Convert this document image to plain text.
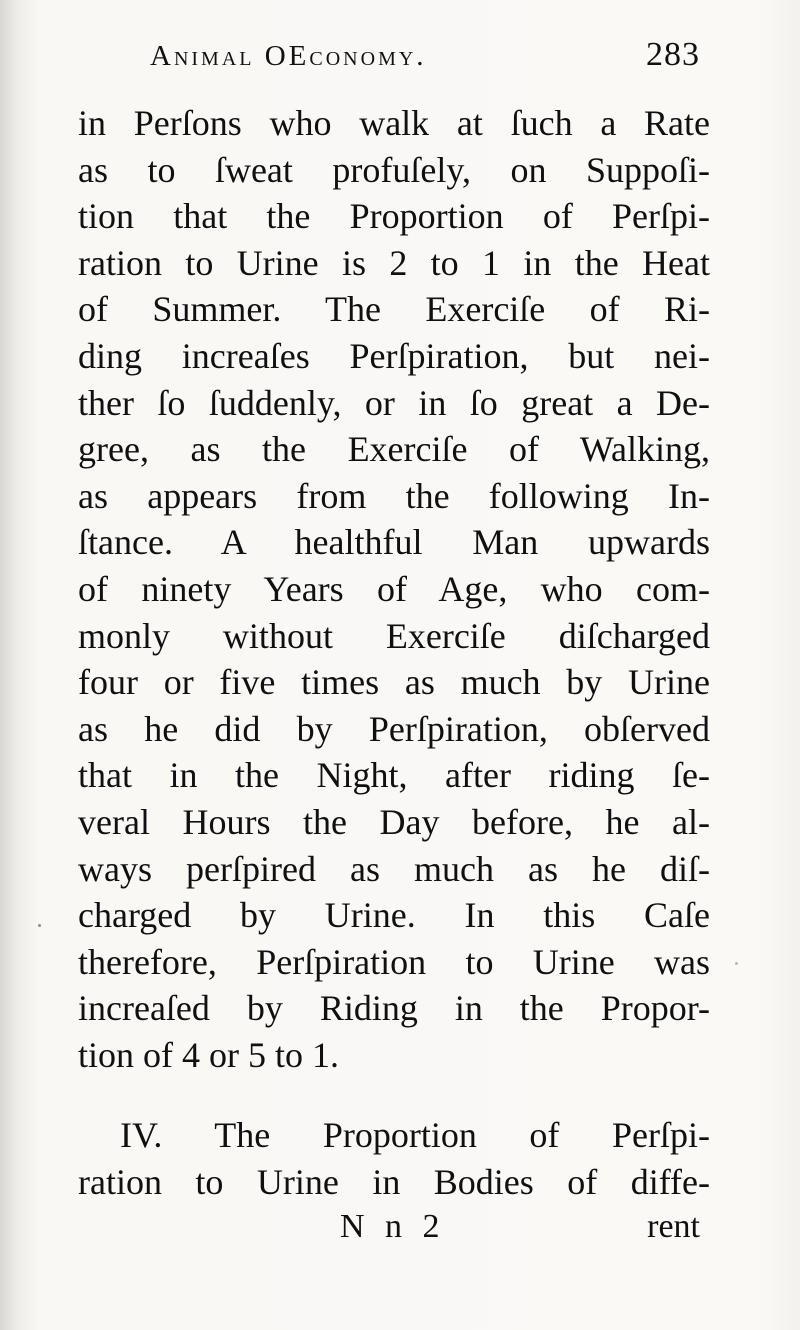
Animal OEconomy.	283
in Perſons who walk at ſuch a Rate
as to ſweat profuſely, on Suppoſi-
tion that the Proportion of Perſpi-
ration to Urine is 2 to 1 in the Heat
of Summer. The Exerciſe of Ri-
ding increaſes Perſpiration, but nei-
ther ſo ſuddenly, or in ſo great a De-
gree, as the Exerciſe of Walking,
as appears from the following In-
ſtance. A healthful Man upwards
of ninety Years of Age, who com-
monly without Exerciſe diſcharged
four or five times as much by Urine
as he did by Perſpiration, obſerved
that in the Night, after riding ſe-
veral Hours the Day before, he al-
ways perſpired as much as he diſ-
charged by Urine. In this Caſe
therefore, Perſpiration to Urine was
increaſed by Riding in the Propor-
tion of 4 or 5 to 1.
IV. The Proportion of Perſpi-
ration to Urine in Bodies of diffe-
N n 2	rent
